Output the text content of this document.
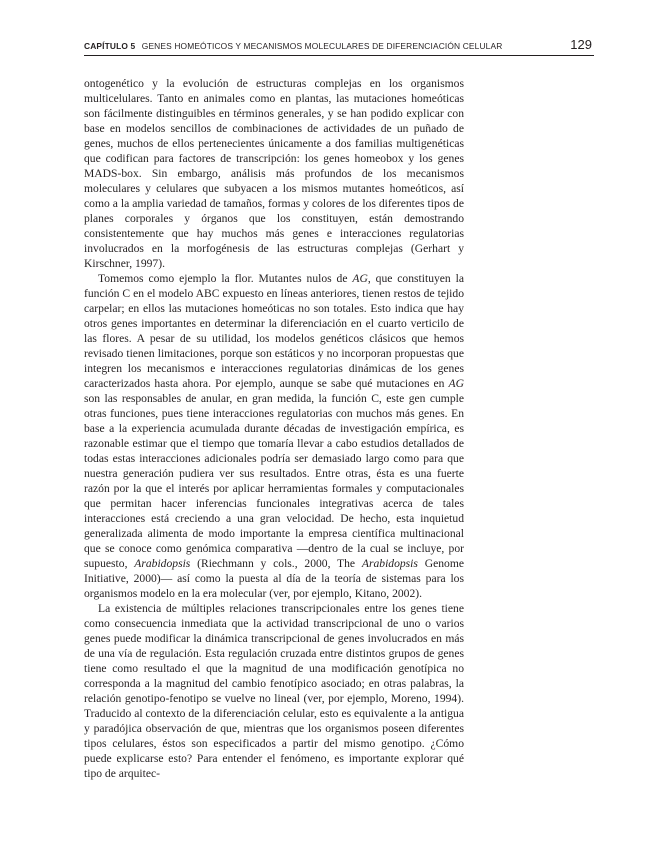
CAPÍTULO 5 GENES HOMEÓTICOS Y MECANISMOS MOLECULARES DE DIFERENCIACIÓN CELULAR	129

ontogenético y la evolución de estructuras complejas en los organismos multicelulares. Tanto en animales como en plantas, las mutaciones homeóticas son fácilmente distinguibles en términos generales, y se han podido explicar con base en modelos sencillos de combinaciones de actividades de un puñado de genes, muchos de ellos pertenecientes únicamente a dos familias multigenéticas que codifican para factores de transcripción: los genes homeobox y los genes MADS-box. Sin embargo, análisis más profundos de los mecanismos moleculares y celulares que subyacen a los mismos mutantes homeóticos, así como a la amplia variedad de tamaños, formas y colores de los diferentes tipos de planes corporales y órganos que los constituyen, están demostrando consistentemente que hay muchos más genes e interacciones regulatorias involucrados en la morfogénesis de las estructuras complejas (Gerhart y Kirschner, 1997).

Tomemos como ejemplo la flor. Mutantes nulos de AG, que constituyen la función C en el modelo ABC expuesto en líneas anteriores, tienen restos de tejido carpelar; en ellos las mutaciones homeóticas no son totales. Esto indica que hay otros genes importantes en determinar la diferenciación en el cuarto verticilo de las flores. A pesar de su utilidad, los modelos genéticos clásicos que hemos revisado tienen limitaciones, porque son estáticos y no incorporan propuestas que integren los mecanismos e interacciones regulatorias dinámicas de los genes caracterizados hasta ahora. Por ejemplo, aunque se sabe qué mutaciones en AG son las responsables de anular, en gran medida, la función C, este gen cumple otras funciones, pues tiene interacciones regulatorias con muchos más genes. En base a la experiencia acumulada durante décadas de investigación empírica, es razonable estimar que el tiempo que tomaría llevar a cabo estudios detallados de todas estas interacciones adicionales podría ser demasiado largo como para que nuestra generación pudiera ver sus resultados. Entre otras, ésta es una fuerte razón por la que el interés por aplicar herramientas formales y computacionales que permitan hacer inferencias funcionales integrativas acerca de tales interacciones está creciendo a una gran velocidad. De hecho, esta inquietud generalizada alimenta de modo importante la empresa científica multinacional que se conoce como genómica comparativa —dentro de la cual se incluye, por supuesto, Arabidopsis (Riechmann y cols., 2000, The Arabidopsis Genome Initiative, 2000)— así como la puesta al día de la teoría de sistemas para los organismos modelo en la era molecular (ver, por ejemplo, Kitano, 2002).

La existencia de múltiples relaciones transcripcionales entre los genes tiene como consecuencia inmediata que la actividad transcripcional de uno o varios genes puede modificar la dinámica transcripcional de genes involucrados en más de una vía de regulación. Esta regulación cruzada entre distintos grupos de genes tiene como resultado el que la magnitud de una modificación genotípica no corresponda a la magnitud del cambio fenotípico asociado; en otras palabras, la relación genotipo-fenotipo se vuelve no lineal (ver, por ejemplo, Moreno, 1994). Traducido al contexto de la diferenciación celular, esto es equivalente a la antigua y paradójica observación de que, mientras que los organismos poseen diferentes tipos celulares, éstos son especificados a partir del mismo genotipo. ¿Cómo puede explicarse esto? Para entender el fenómeno, es importante explorar qué tipo de arquitec-
